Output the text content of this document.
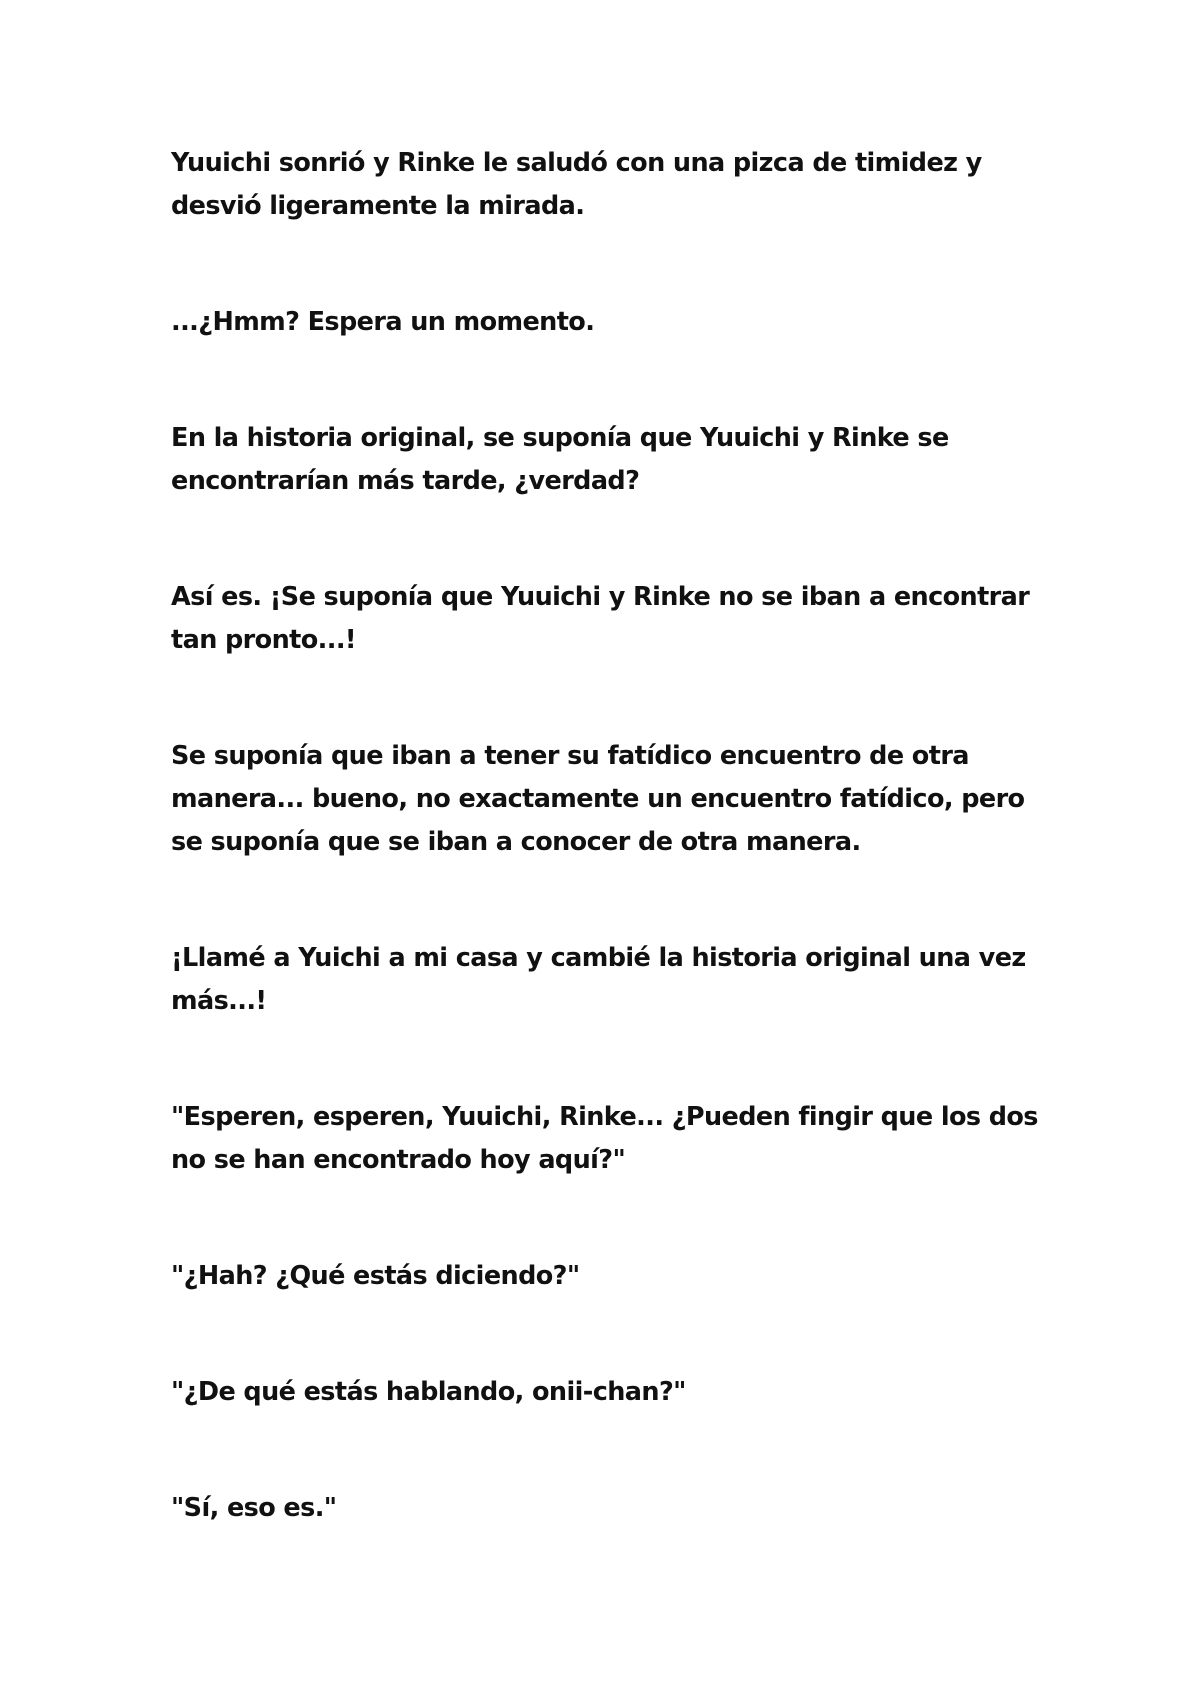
Yuuichi sonrió y Rinke le saludó con una pizca de timidez y
desvió ligeramente la mirada.

...¿Hmm? Espera un momento.

En la historia original, se suponía que Yuuichi y Rinke se
encontrarían más tarde, ¿verdad?

Así es. ¡Se suponía que Yuuichi y Rinke no se iban a encontrar
tan pronto...!

Se suponía que iban a tener su fatídico encuentro de otra
manera... bueno, no exactamente un encuentro fatídico, pero
se suponía que se iban a conocer de otra manera.

¡Llamé a Yuichi a mi casa y cambié la historia original una vez
más...!

"Esperen, esperen, Yuuichi, Rinke... ¿Pueden fingir que los dos
no se han encontrado hoy aquí?"

"¿Hah? ¿Qué estás diciendo?"

"¿De qué estás hablando, onii-chan?"

"Sí, eso es."
